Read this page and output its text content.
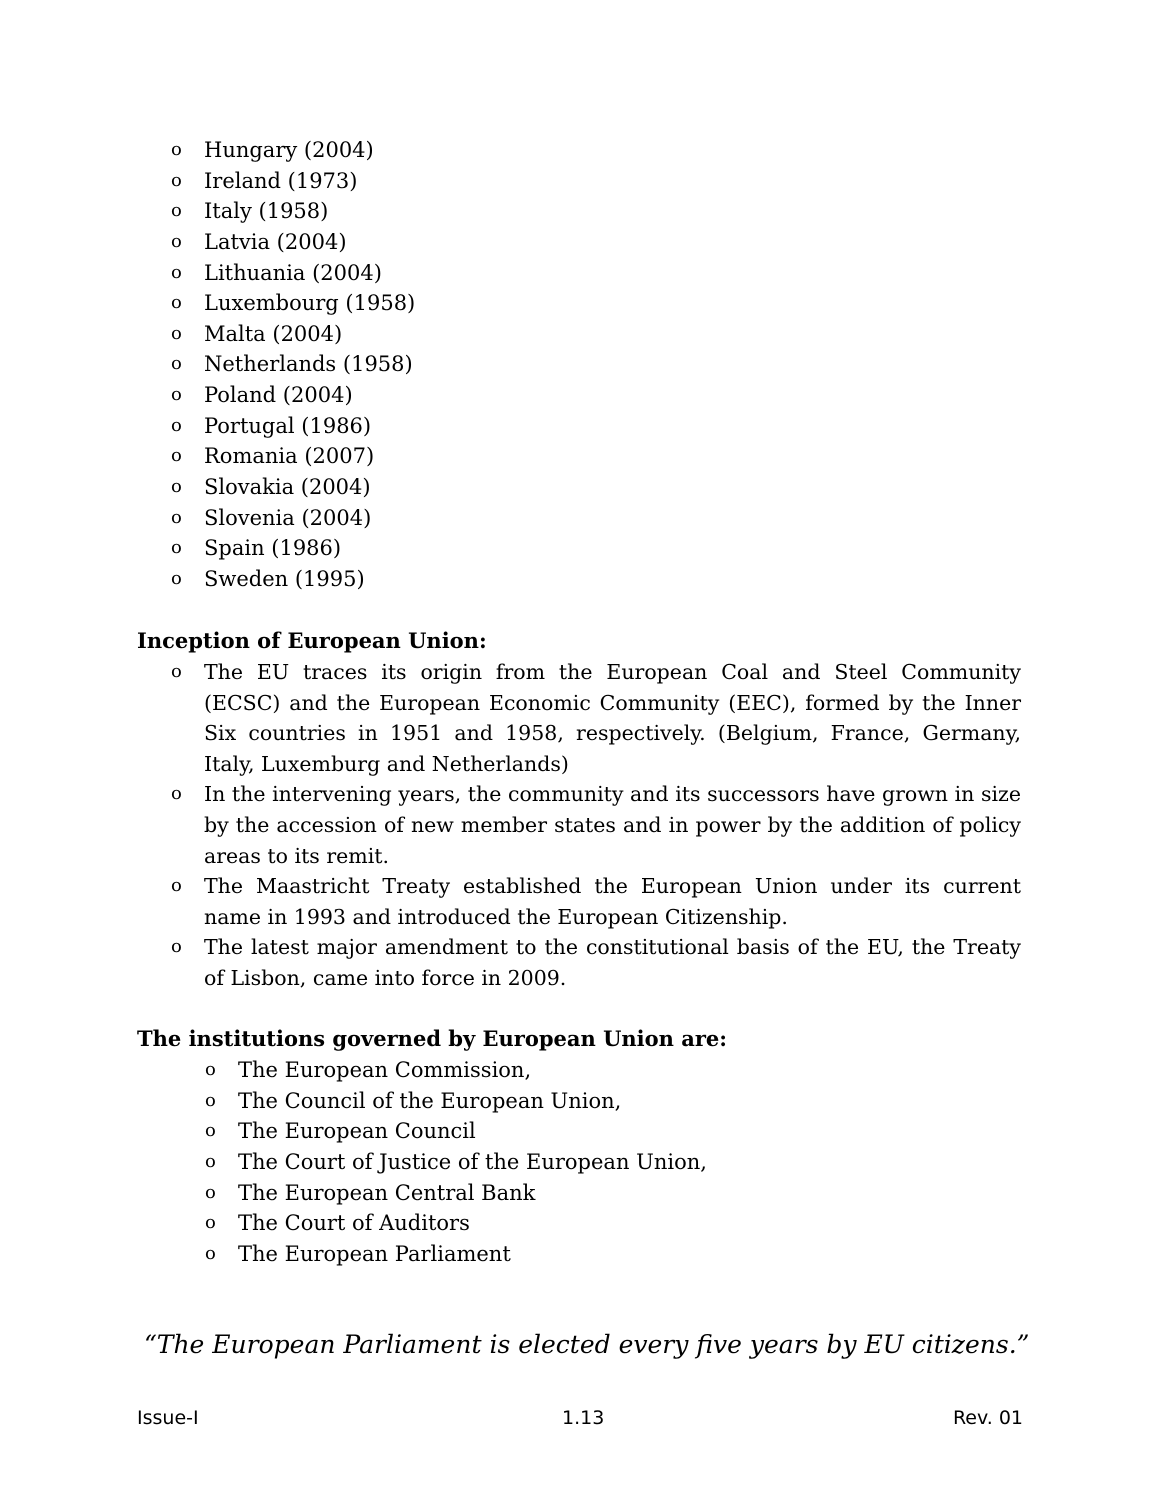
o Hungary (2004)
o Ireland (1973)
o Italy (1958)
o Latvia (2004)
o Lithuania (2004)
o Luxembourg (1958)
o Malta (2004)
o Netherlands (1958)
o Poland (2004)
o Portugal (1986)
o Romania (2007)
o Slovakia (2004)
o Slovenia (2004)
o Spain (1986)
o Sweden (1995)
Inception of European Union:
o The EU traces its origin from the European Coal and Steel Community (ECSC) and the European Economic Community (EEC), formed by the Inner Six countries in 1951 and 1958, respectively. (Belgium, France, Germany, Italy, Luxemburg and Netherlands)
o In the intervening years, the community and its successors have grown in size by the accession of new member states and in power by the addition of policy areas to its remit.
o The Maastricht Treaty established the European Union under its current name in 1993 and introduced the European Citizenship.
o The latest major amendment to the constitutional basis of the EU, the Treaty of Lisbon, came into force in 2009.
The institutions governed by European Union are:
o The European Commission,
o The Council of the European Union,
o The European Council
o The Court of Justice of the European Union,
o The European Central Bank
o The Court of Auditors
o The European Parliament
“The European Parliament is elected every five years by EU citizens.”
Issue-I	1.13	Rev. 01
